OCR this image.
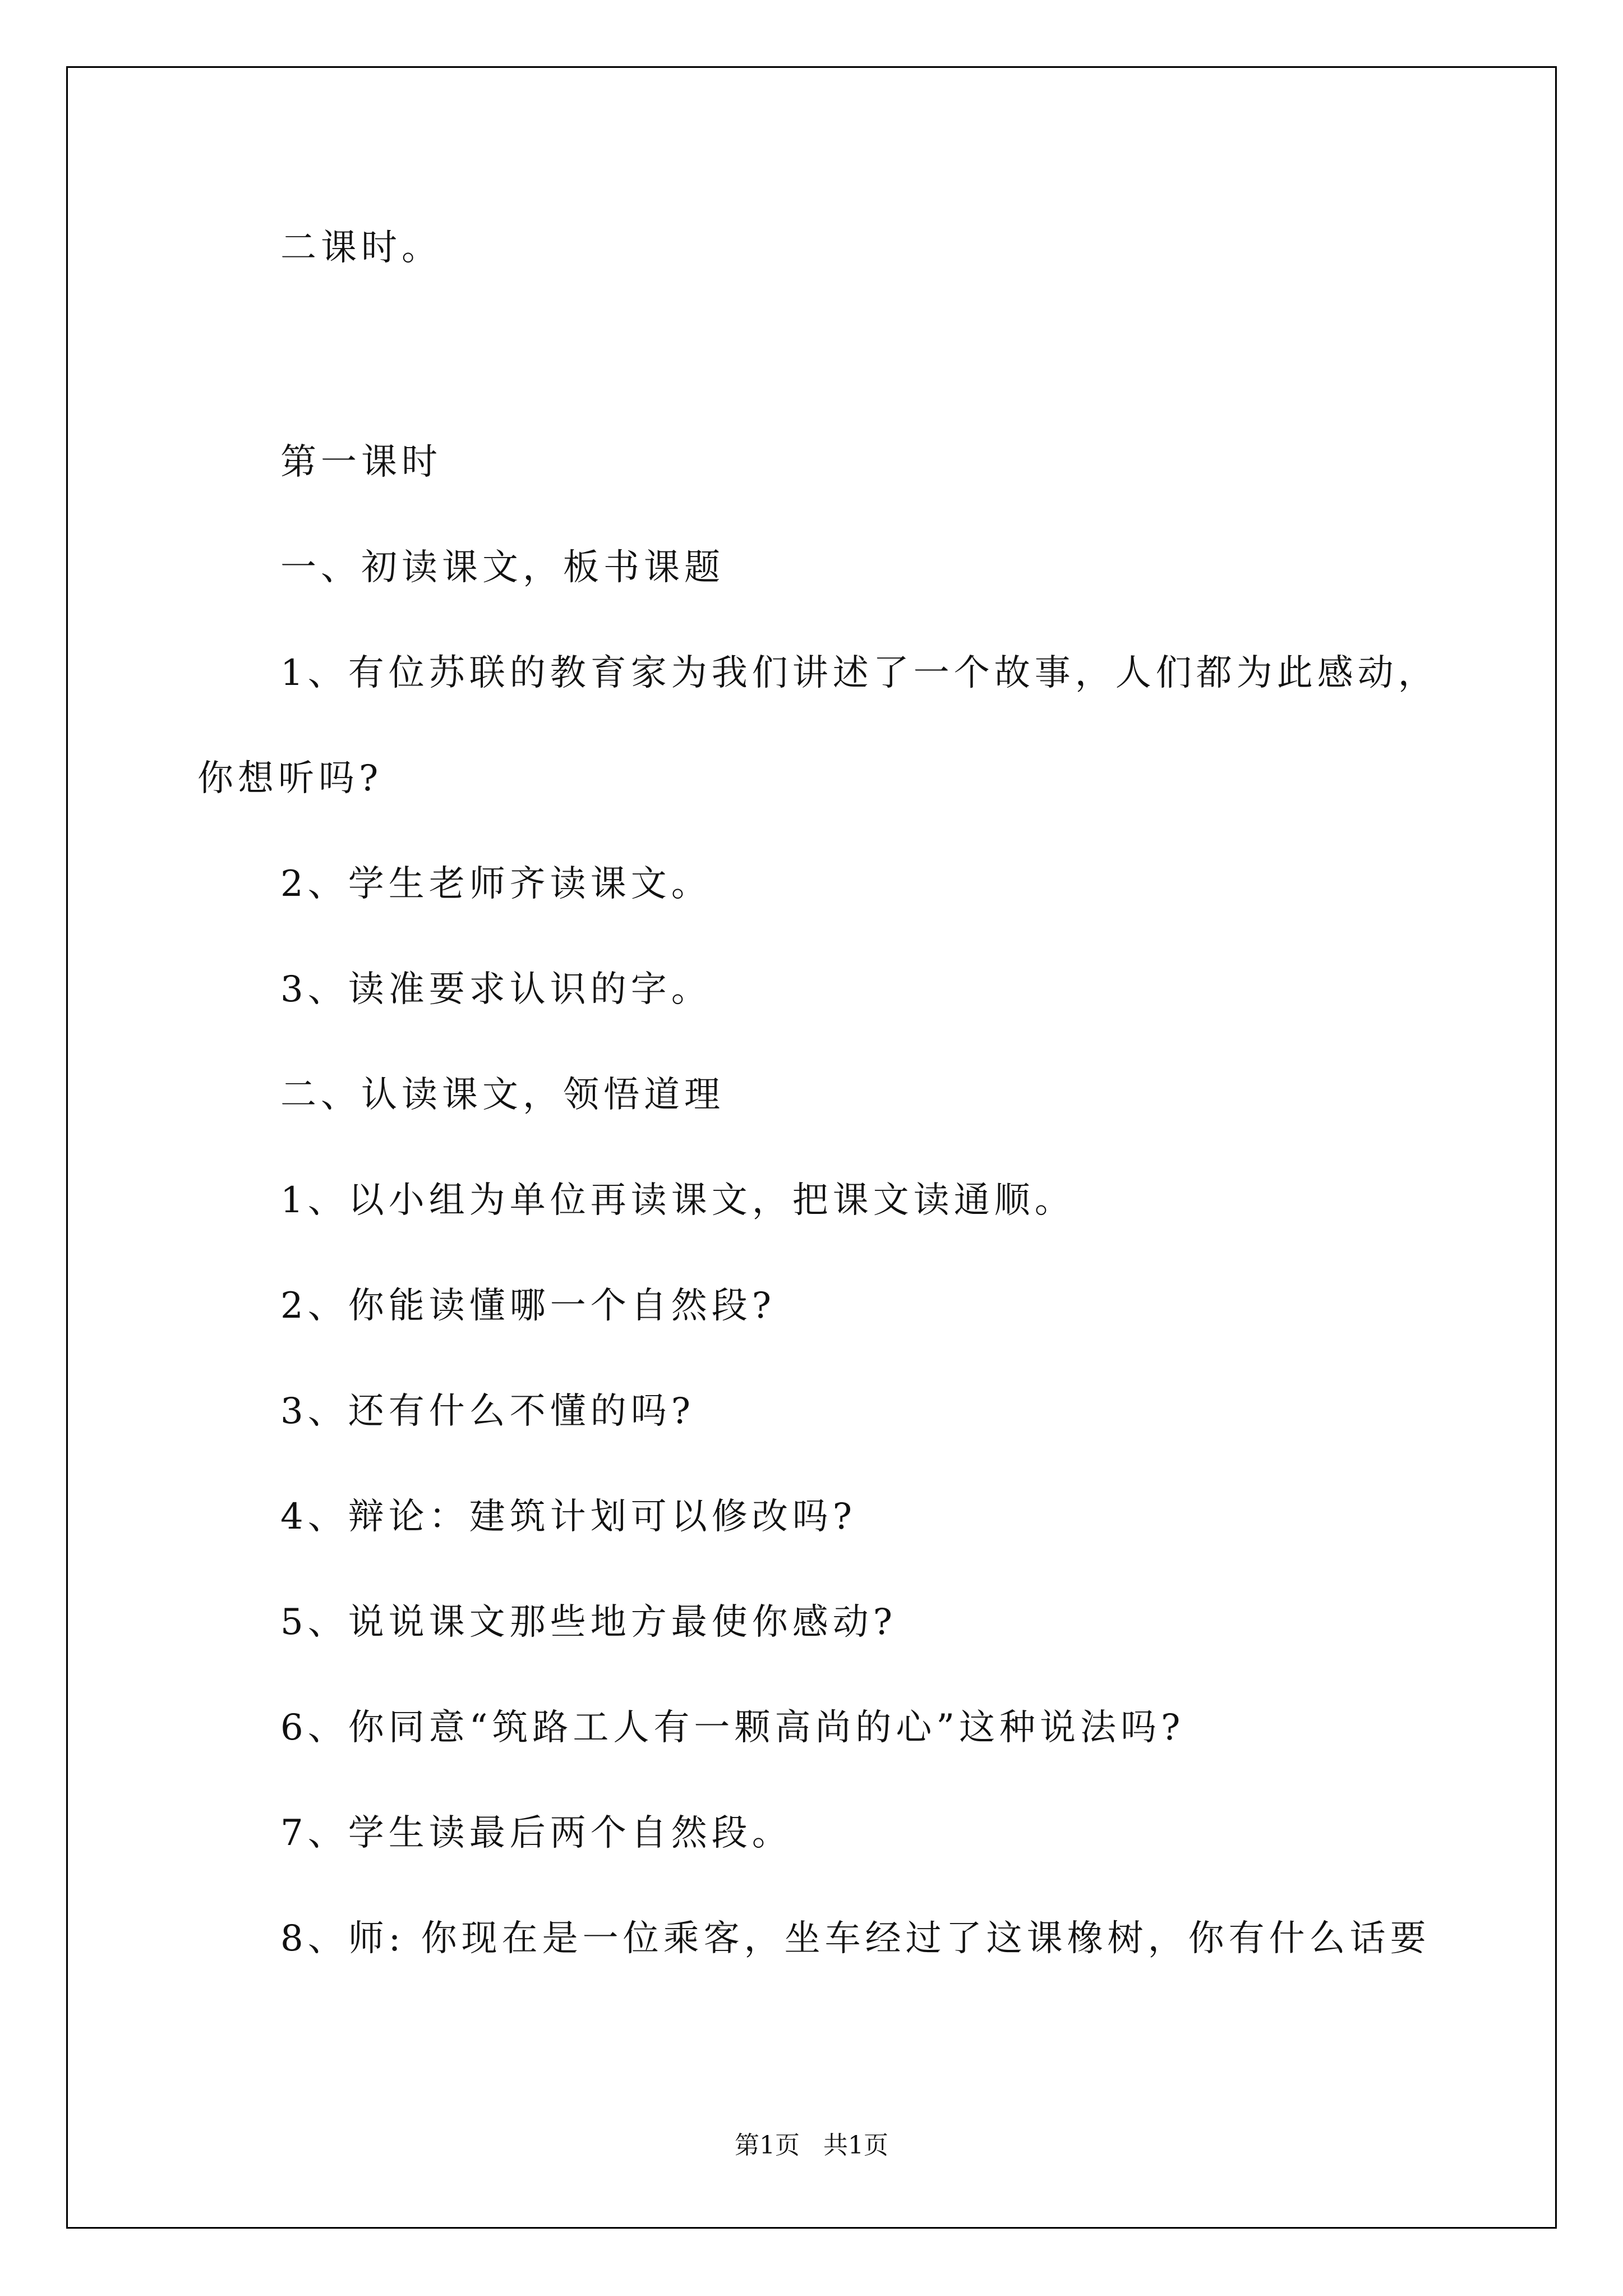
二课时。
第一课时
一、初读课文，板书课题
1、有位苏联的教育家为我们讲述了一个故事，人们都为此感动，
你想听吗?
2、学生老师齐读课文。
3、读准要求认识的字。
二、认读课文，领悟道理
1、以小组为单位再读课文，把课文读通顺。
2、你能读懂哪一个自然段?
3、还有什么不懂的吗?
4、辩论：建筑计划可以修改吗?
5、说说课文那些地方最使你感动?
6、你同意“筑路工人有一颗高尚的心”这种说法吗?
7、学生读最后两个自然段。
8、师: 你现在是一位乘客，坐车经过了这课橡树，你有什么话要
第1页   共1页
